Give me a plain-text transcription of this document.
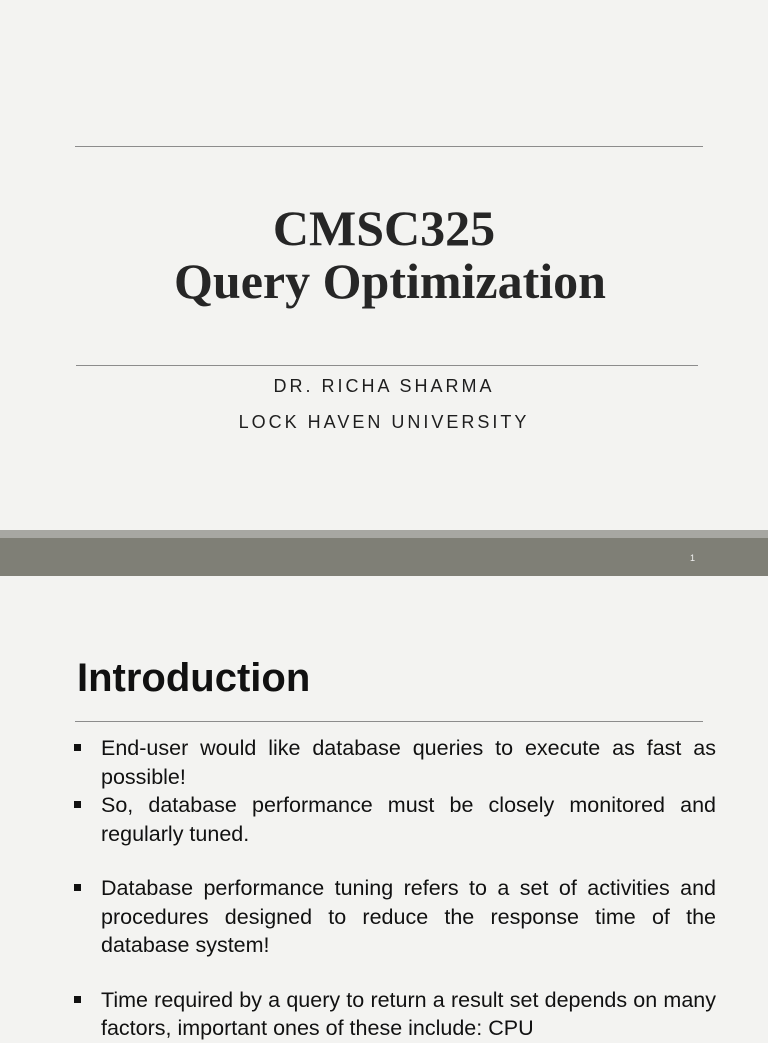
CMSC325
Query Optimization
DR. RICHA SHARMA
LOCK HAVEN UNIVERSITY
1
Introduction
End-user would like database queries to execute as fast as possible!
So, database performance must be closely monitored and regularly tuned.
Database performance tuning refers to a set of activities and procedures designed to reduce the response time of the database system!
Time required by a query to return a result set depends on many factors, important ones of these include: CPU
